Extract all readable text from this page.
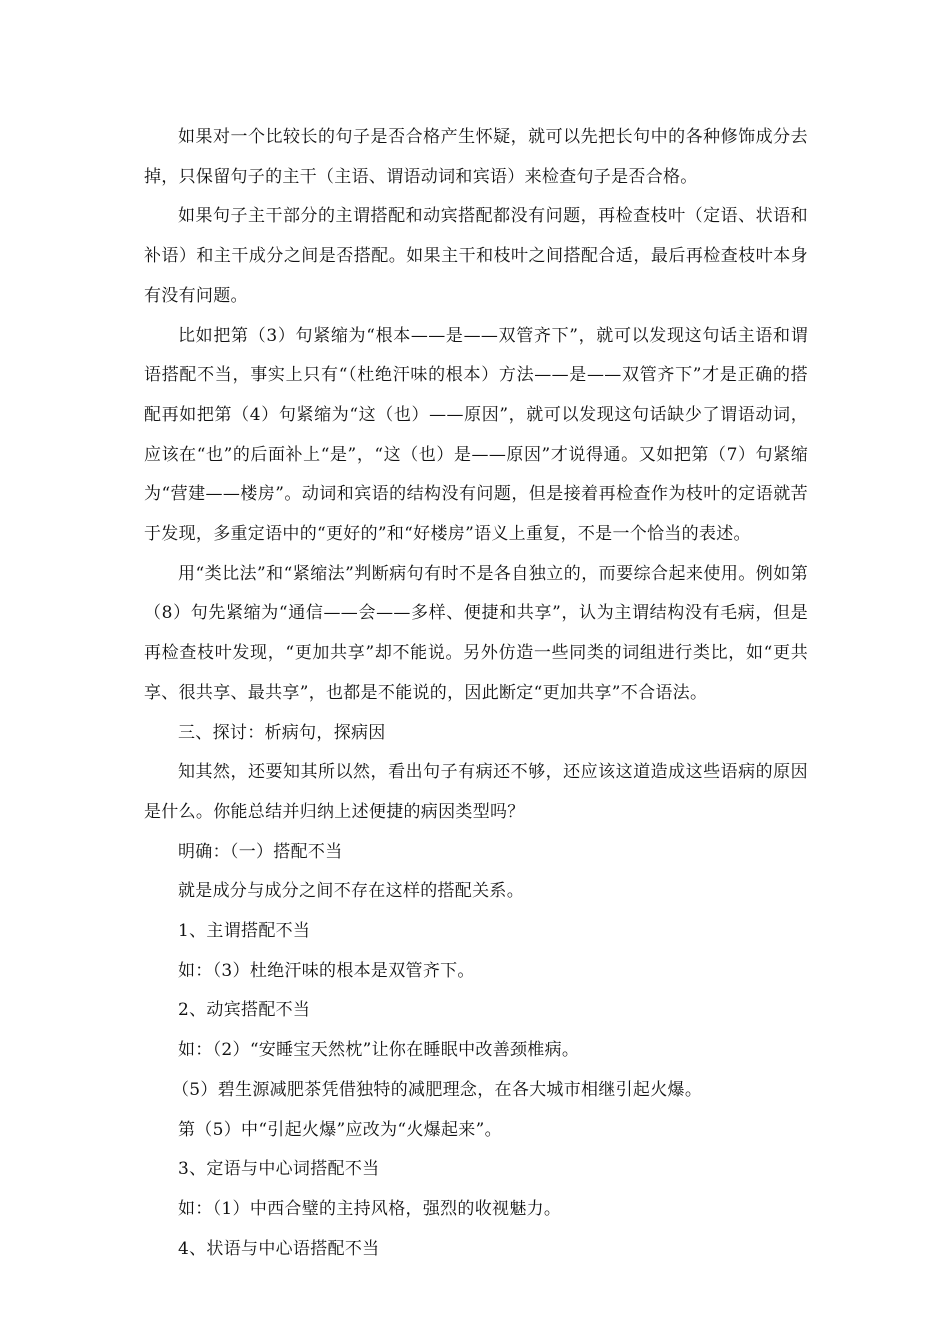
如果对一个比较长的句子是否合格产生怀疑，就可以先把长句中的各种修饰成分去掉，只保留句子的主干（主语、谓语动词和宾语）来检查句子是否合格。

如果句子主干部分的主谓搭配和动宾搭配都没有问题，再检查枝叶（定语、状语和补语）和主干成分之间是否搭配。如果主干和枝叶之间搭配合适，最后再检查枝叶本身有没有问题。

比如把第（3）句紧缩为“根本——是——双管齐下”，就可以发现这句话主语和谓语搭配不当，事实上只有“（杜绝汗味的根本）方法——是——双管齐下”才是正确的搭配再如把第（4）句紧缩为“这（也）——原因”，就可以发现这句话缺少了谓语动词，应该在“也”的后面补上“是”，“这（也）是——原因”才说得通。又如把第（7）句紧缩为“营建——楼房”。动词和宾语的结构没有问题，但是接着再检查作为枝叶的定语就苦于发现，多重定语中的“更好的”和“好楼房”语义上重复，不是一个恰当的表述。

用“类比法”和“紧缩法”判断病句有时不是各自独立的，而要综合起来使用。例如第（8）句先紧缩为“通信——会——多样、便捷和共享”，认为主谓结构没有毛病，但是再检查枝叶发现，“更加共享”却不能说。另外仿造一些同类的词组进行类比，如“更共享、很共享、最共享”，也都是不能说的，因此断定“更加共享”不合语法。

三、探讨：析病句，探病因

知其然，还要知其所以然，看出句子有病还不够，还应该这道造成这些语病的原因是什么。你能总结并归纳上述便捷的病因类型吗？

明确：（一）搭配不当

就是成分与成分之间不存在这样的搭配关系。

1、主谓搭配不当

如：（3）杜绝汗味的根本是双管齐下。

2、动宾搭配不当

如：（2）“安睡宝天然枕”让你在睡眠中改善颈椎病。

（5）碧生源减肥茶凭借独特的减肥理念，在各大城市相继引起火爆。

第（5）中“引起火爆”应改为“火爆起来”。

3、定语与中心词搭配不当

如：（1）中西合璧的主持风格，强烈的收视魅力。

4、状语与中心语搭配不当
